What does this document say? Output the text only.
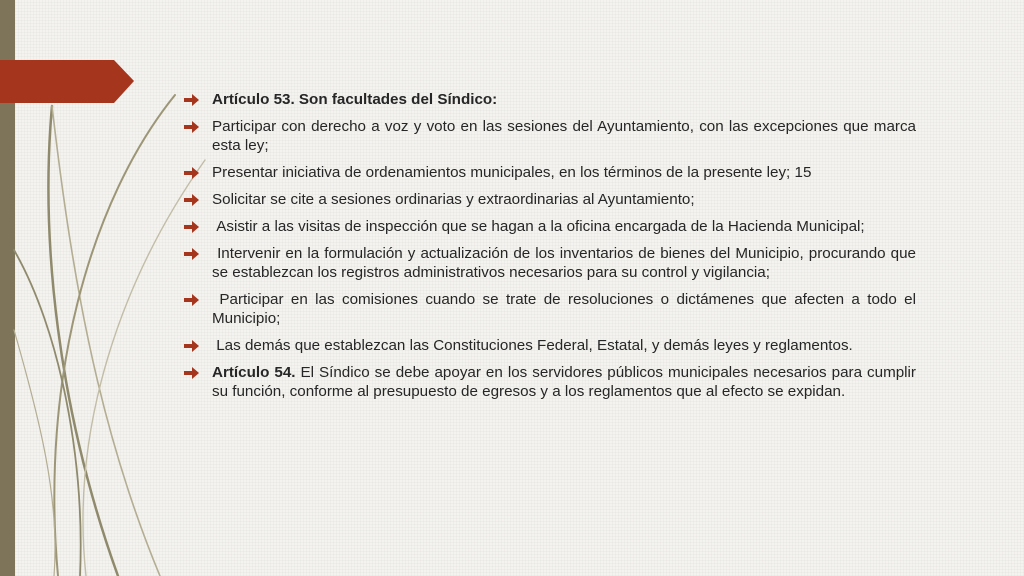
Artículo 53. Son facultades del Síndico:
Participar con derecho a voz y voto en las sesiones del Ayuntamiento, con las excepciones que marca esta ley;
Presentar iniciativa de ordenamientos municipales, en los términos de la presente ley; 15
Solicitar se cite a sesiones ordinarias y extraordinarias al Ayuntamiento;
Asistir a las visitas de inspección que se hagan a la oficina encargada de la Hacienda Municipal;
Intervenir en la formulación y actualización de los inventarios de bienes del Municipio, procurando que se establezcan los registros administrativos necesarios para su control y vigilancia;
Participar en las comisiones cuando se trate de resoluciones o dictámenes que afecten a todo el Municipio;
Las demás que establezcan las Constituciones Federal, Estatal, y demás leyes y reglamentos.
Artículo 54. El Síndico se debe apoyar en los servidores públicos municipales necesarios para cumplir su función, conforme al presupuesto de egresos y a los reglamentos que al efecto se expidan.
